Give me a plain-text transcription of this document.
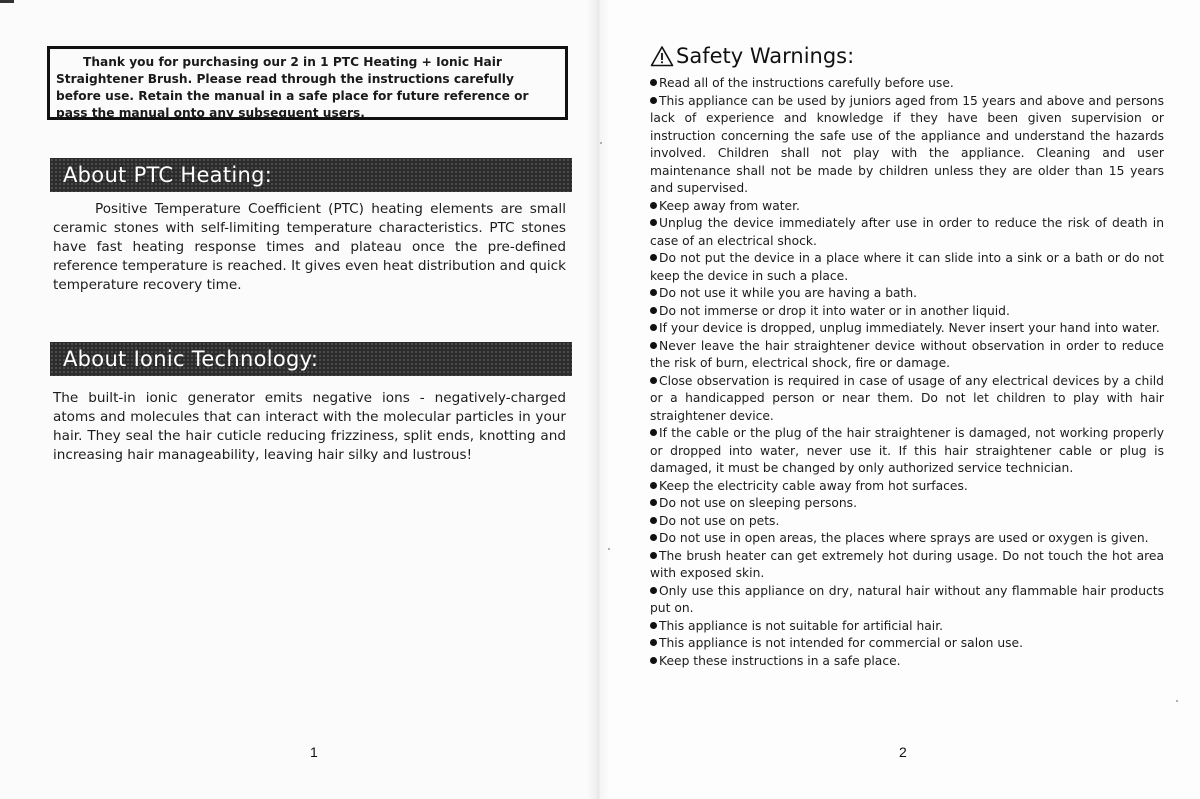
Thank you for purchasing our 2 in 1 PTC Heating + Ionic Hair Straightener Brush. Please read through the instructions carefully before use. Retain the manual in a safe place for future reference or pass the manual onto any subsequent users.
About PTC Heating:
Positive Temperature Coefficient (PTC) heating elements are small ceramic stones with self-limiting temperature characteristics. PTC stones have fast heating response times and plateau once the pre-defined reference temperature is reached. It gives even heat distribution and quick temperature recovery time.
About Ionic Technology:
The built-in ionic generator emits negative ions - negatively-charged atoms and molecules that can interact with the molecular particles in your hair. They seal the hair cuticle reducing frizziness, split ends, knotting and increasing hair manageability, leaving hair silky and lustrous!
1
Safety Warnings:
Read all of the instructions carefully before use.
This appliance can be used by juniors aged from 15 years and above and persons lack of experience and knowledge if they have been given supervision or instruction concerning the safe use of the appliance and understand the hazards involved. Children shall not play with the appliance. Cleaning and user maintenance shall not be made by children unless they are older than 15 years and supervised.
Keep away from water.
Unplug the device immediately after use in order to reduce the risk of death in case of an electrical shock.
Do not put the device in a place where it can slide into a sink or a bath or do not keep the device in such a place.
Do not use it while you are having a bath.
Do not immerse or drop it into water or in another liquid.
If your device is dropped, unplug immediately. Never insert your hand into water.
Never leave the hair straightener device without observation in order to reduce the risk of burn, electrical shock, fire or damage.
Close observation is required in case of usage of any electrical devices by a child or a handicapped person or near them. Do not let children to play with hair straightener device.
If the cable or the plug of the hair straightener is damaged, not working properly or dropped into water, never use it. If this hair straightener cable or plug is damaged, it must be changed by only authorized service technician.
Keep the electricity cable away from hot surfaces.
Do not use on sleeping persons.
Do not use on pets.
Do not use in open areas, the places where sprays are used or oxygen is given.
The brush heater can get extremely hot during usage. Do not touch the hot area with exposed skin.
Only use this appliance on dry, natural hair without any flammable hair products put on.
This appliance is not suitable for artificial hair.
This appliance is not intended for commercial or salon use.
Keep these instructions in a safe place.
2
